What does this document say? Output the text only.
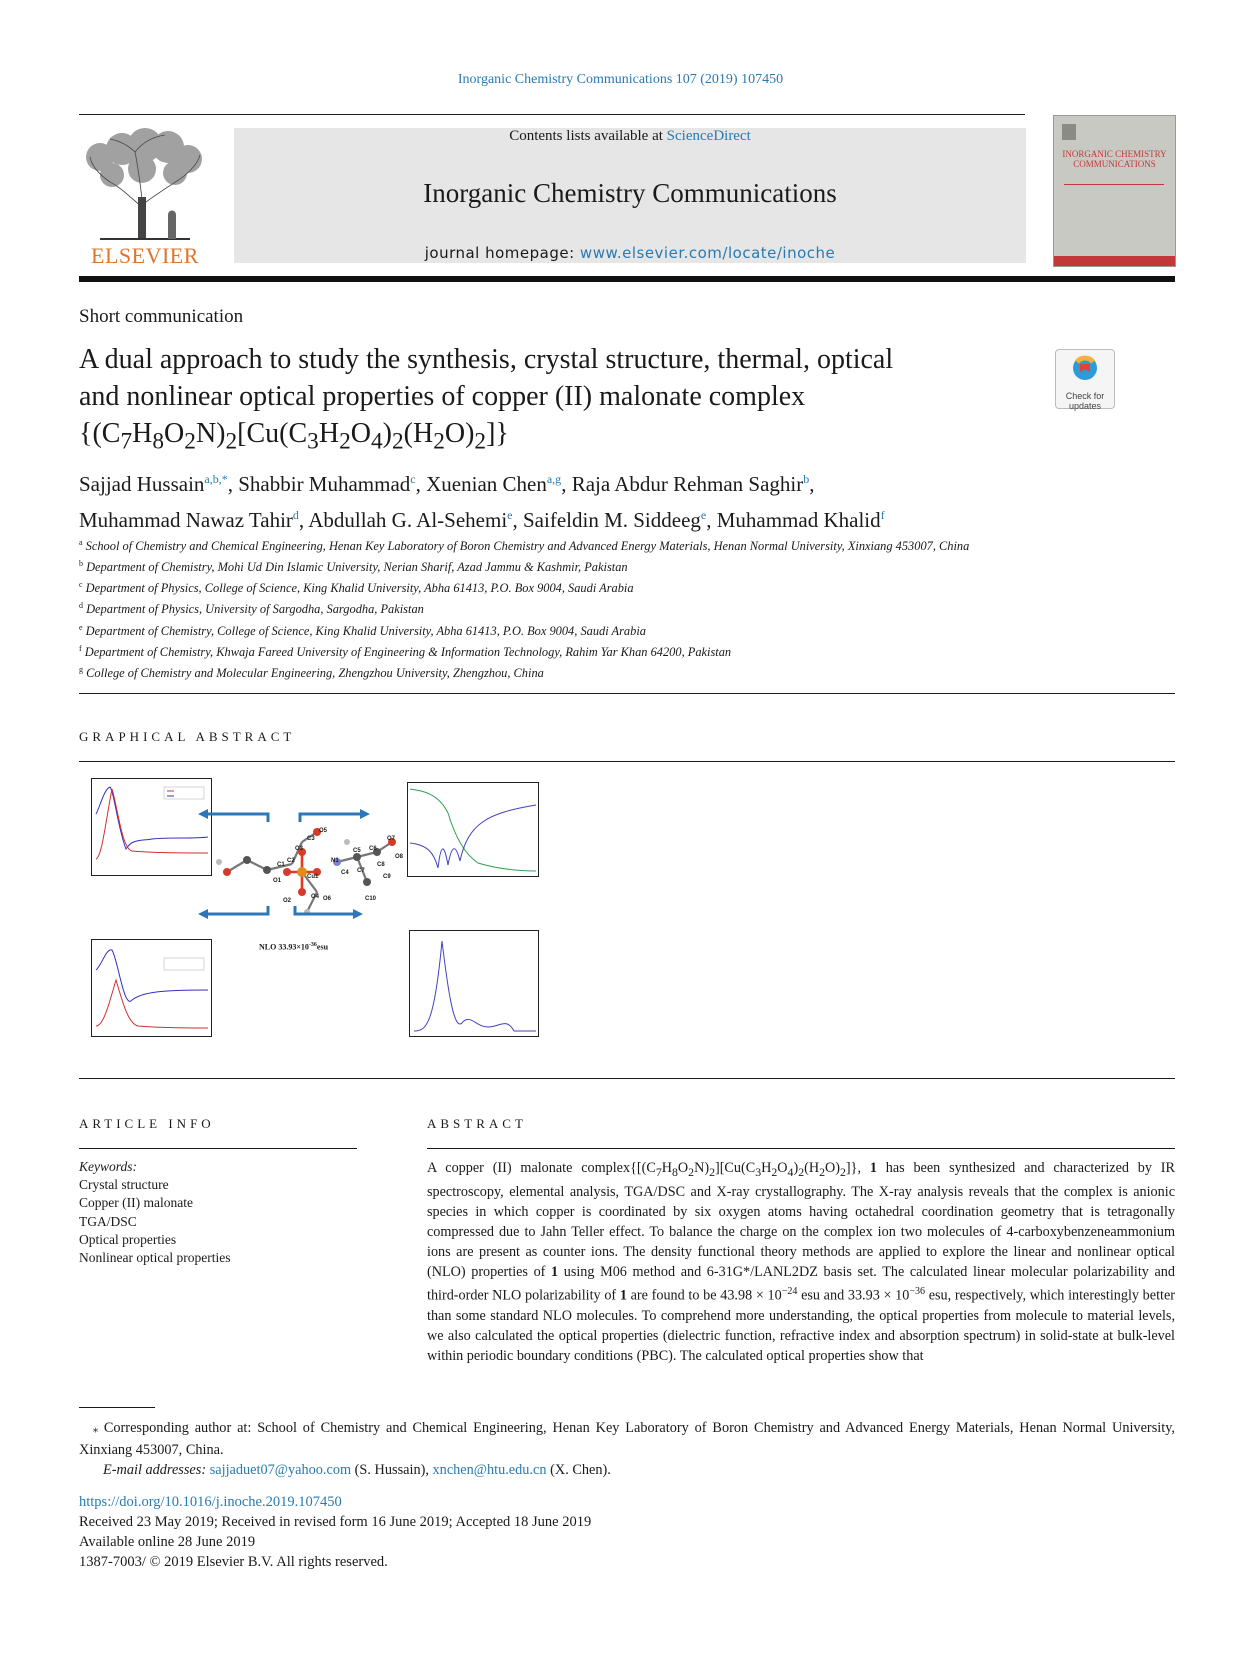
Inorganic Chemistry Communications 107 (2019) 107450
ELSEVIER
Contents lists available at ScienceDirect
Inorganic Chemistry Communications
journal homepage: www.elsevier.com/locate/inoche
INORGANIC CHEMISTRY COMMUNICATIONS
Short communication
A dual approach to study the synthesis, crystal structure, thermal, optical
and nonlinear optical properties of copper (II) malonate complex
$\{(C_7H_8O_2N)_2[Cu(C_3H_2O_4)_2(H_2O)_2]\}$
Check for
updates
Sajjad Hussain$^{a,b,*}$, Shabbir Muhammad$^c$, Xuenian Chen$^{a,g}$, Raja Abdur Rehman Saghir$^b$,
Muhammad Nawaz Tahir$^d$, Abdullah G. Al-Sehemi$^e$, Saifeldin M. Siddeeg$^e$, Muhammad Khalid$^f$
$^a$ School of Chemistry and Chemical Engineering, Henan Key Laboratory of Boron Chemistry and Advanced Energy Materials, Henan Normal University, Xinxiang 453007, China
$^b$ Department of Chemistry, Mohi Ud Din Islamic University, Nerian Sharif, Azad Jammu & Kashmir, Pakistan
$^c$ Department of Physics, College of Science, King Khalid University, Abha 61413, P.O. Box 9004, Saudi Arabia
$^d$ Department of Physics, University of Sargodha, Sargodha, Pakistan
$^e$ Department of Chemistry, College of Science, King Khalid University, Abha 61413, P.O. Box 9004, Saudi Arabia
$^f$ Department of Chemistry, Khwaja Fareed University of Engineering & Information Technology, Rahim Yar Khan 64200, Pakistan
$^g$ College of Chemistry and Molecular Engineering, Zhengzhou University, Zhengzhou, China
GRAPHICAL ABSTRACT
O3
C3
O5
C2
C1
O1
Cu1
O4
O2	O6
C4
C5 C6
C7
C8
C9
C10
N1
O7
O8
NLO $33.93\times 10^{-36}esu$
ARTICLE INFO
Keywords:
Crystal structure
Copper (II) malonate
TGA/DSC
Optical properties
Nonlinear optical properties
ABSTRACT
A copper (II) malonate $complex\{[(C_7H_8O_2N)_2][Cu(C_3H_2O_4)_2(H_2O)_2]\}$, 1 has been synthesized and characterized by IR spectroscopy, elemental analysis, TGA/DSC and X-ray crystallography. The X-ray analysis reveals that the complex is anionic species in which copper is coordinated by six oxygen atoms having octahedral coordination geometry that is tetragonally compressed due to Jahn Teller effect. To balance the charge on the complex ion two molecules of 4-carboxybenzeneammonium ions are present as counter ions. The density functional theory methods are applied to explore the linear and nonlinear optical (NLO) properties of 1 using M06 method and 6-31G*/LANL2DZ basis set. The calculated linear molecular polarizability and third-order NLO polarizability of 1 are found to be $43.98 \times 10^{-24}$ esu and $33.93 \times 10^{-36}$ esu, respectively, which interestingly better than some standard NLO molecules. To comprehend more understanding, the optical properties from molecule to material levels, we also calculated the optical properties (dielectric function, refractive index and absorption spectrum) in solid-state at bulk-level within periodic boundary conditions (PBC). The calculated optical properties show that
⁎ Corresponding author at: School of Chemistry and Chemical Engineering, Henan Key Laboratory of Boron Chemistry and Advanced Energy Materials, Henan Normal University, Xinxiang 453007, China.
E-mail addresses: sajjaduet07@yahoo.com (S. Hussain), xnchen@htu.edu.cn (X. Chen).
https://doi.org/10.1016/j.inoche.2019.107450
Received 23 May 2019; Received in revised form 16 June 2019; Accepted 18 June 2019
Available online 28 June 2019
1387-7003/ © 2019 Elsevier B.V. All rights reserved.
